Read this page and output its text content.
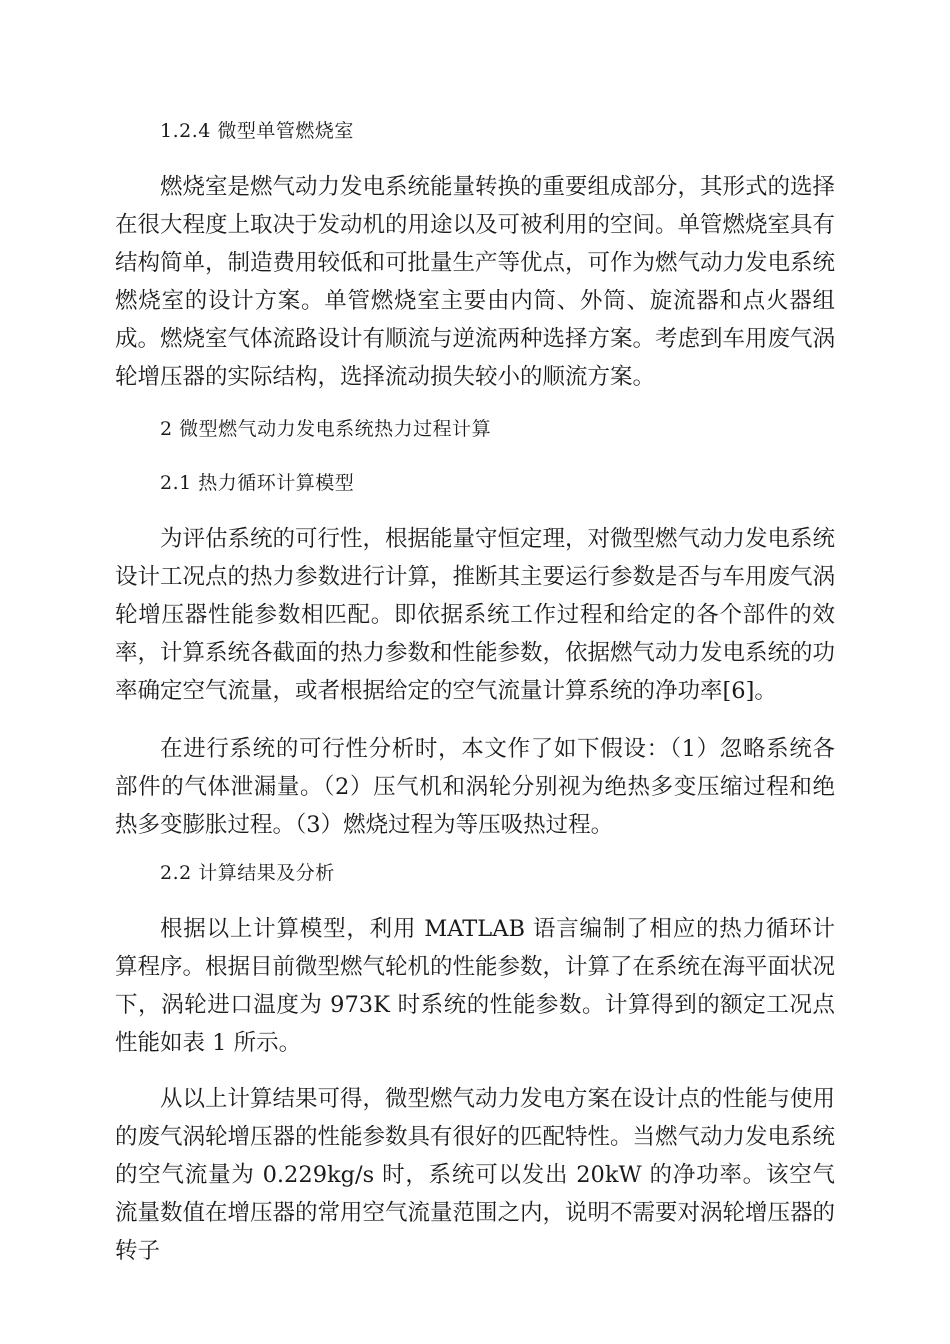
1.2.4 微型单管燃烧室

燃烧室是燃气动力发电系统能量转换的重要组成部分，其形式的选择在很大程度上取决于发动机的用途以及可被利用的空间。单管燃烧室具有结构简单，制造费用较低和可批量生产等优点，可作为燃气动力发电系统燃烧室的设计方案。单管燃烧室主要由内筒、外筒、旋流器和点火器组成。燃烧室气体流路设计有顺流与逆流两种选择方案。考虑到车用废气涡轮增压器的实际结构，选择流动损失较小的顺流方案。

2 微型燃气动力发电系统热力过程计算
2.1 热力循环计算模型

为评估系统的可行性，根据能量守恒定理，对微型燃气动力发电系统设计工况点的热力参数进行计算，推断其主要运行参数是否与车用废气涡轮增压器性能参数相匹配。即依据系统工作过程和给定的各个部件的效率，计算系统各截面的热力参数和性能参数，依据燃气动力发电系统的功率确定空气流量，或者根据给定的空气流量计算系统的净功率[6]。

在进行系统的可行性分析时，本文作了如下假设：（1）忽略系统各部件的气体泄漏量。（2）压气机和涡轮分别视为绝热多变压缩过程和绝热多变膨胀过程。（3）燃烧过程为等压吸热过程。

2.2 计算结果及分析

根据以上计算模型，利用 MATLAB 语言编制了相应的热力循环计算程序。根据目前微型燃气轮机的性能参数，计算了在系统在海平面状况下，涡轮进口温度为 973K 时系统的性能参数。计算得到的额定工况点性能如表 1 所示。

从以上计算结果可得，微型燃气动力发电方案在设计点的性能与使用的废气涡轮增压器的性能参数具有很好的匹配特性。当燃气动力发电系统的空气流量为 0.229kg/s 时，系统可以发出 20kW 的净功率。该空气流量数值在增压器的常用空气流量范围之内，说明不需要对涡轮增压器的转子
